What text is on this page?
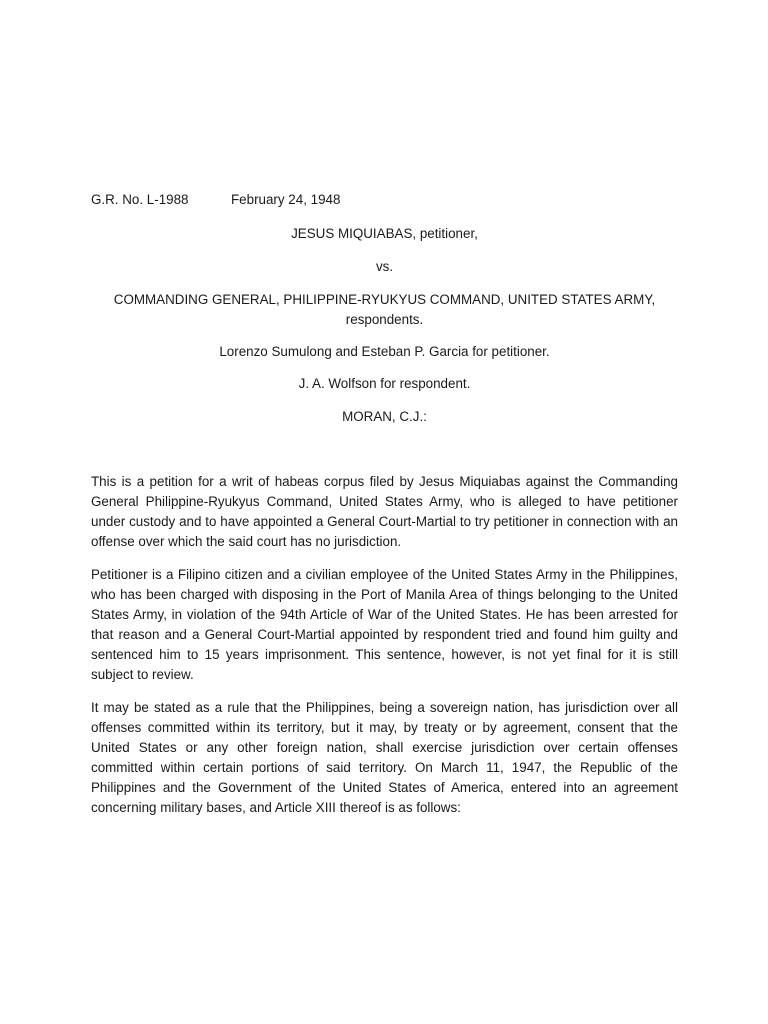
G.R. No. L-1988	February 24, 1948
JESUS MIQUIABAS, petitioner,
vs.
COMMANDING GENERAL, PHILIPPINE-RYUKYUS COMMAND, UNITED STATES ARMY, respondents.
Lorenzo Sumulong and Esteban P. Garcia for petitioner.
J. A. Wolfson for respondent.
MORAN, C.J.:

This is a petition for a writ of habeas corpus filed by Jesus Miquiabas against the Commanding General Philippine-Ryukyus Command, United States Army, who is alleged to have petitioner under custody and to have appointed a General Court-Martial to try petitioner in connection with an offense over which the said court has no jurisdiction.

Petitioner is a Filipino citizen and a civilian employee of the United States Army in the Philippines, who has been charged with disposing in the Port of Manila Area of things belonging to the United States Army, in violation of the 94th Article of War of the United States. He has been arrested for that reason and a General Court-Martial appointed by respondent tried and found him guilty and sentenced him to 15 years imprisonment. This sentence, however, is not yet final for it is still subject to review.

It may be stated as a rule that the Philippines, being a sovereign nation, has jurisdiction over all offenses committed within its territory, but it may, by treaty or by agreement, consent that the United States or any other foreign nation, shall exercise jurisdiction over certain offenses committed within certain portions of said territory. On March 11, 1947, the Republic of the Philippines and the Government of the United States of America, entered into an agreement concerning military bases, and Article XIII thereof is as follows:
